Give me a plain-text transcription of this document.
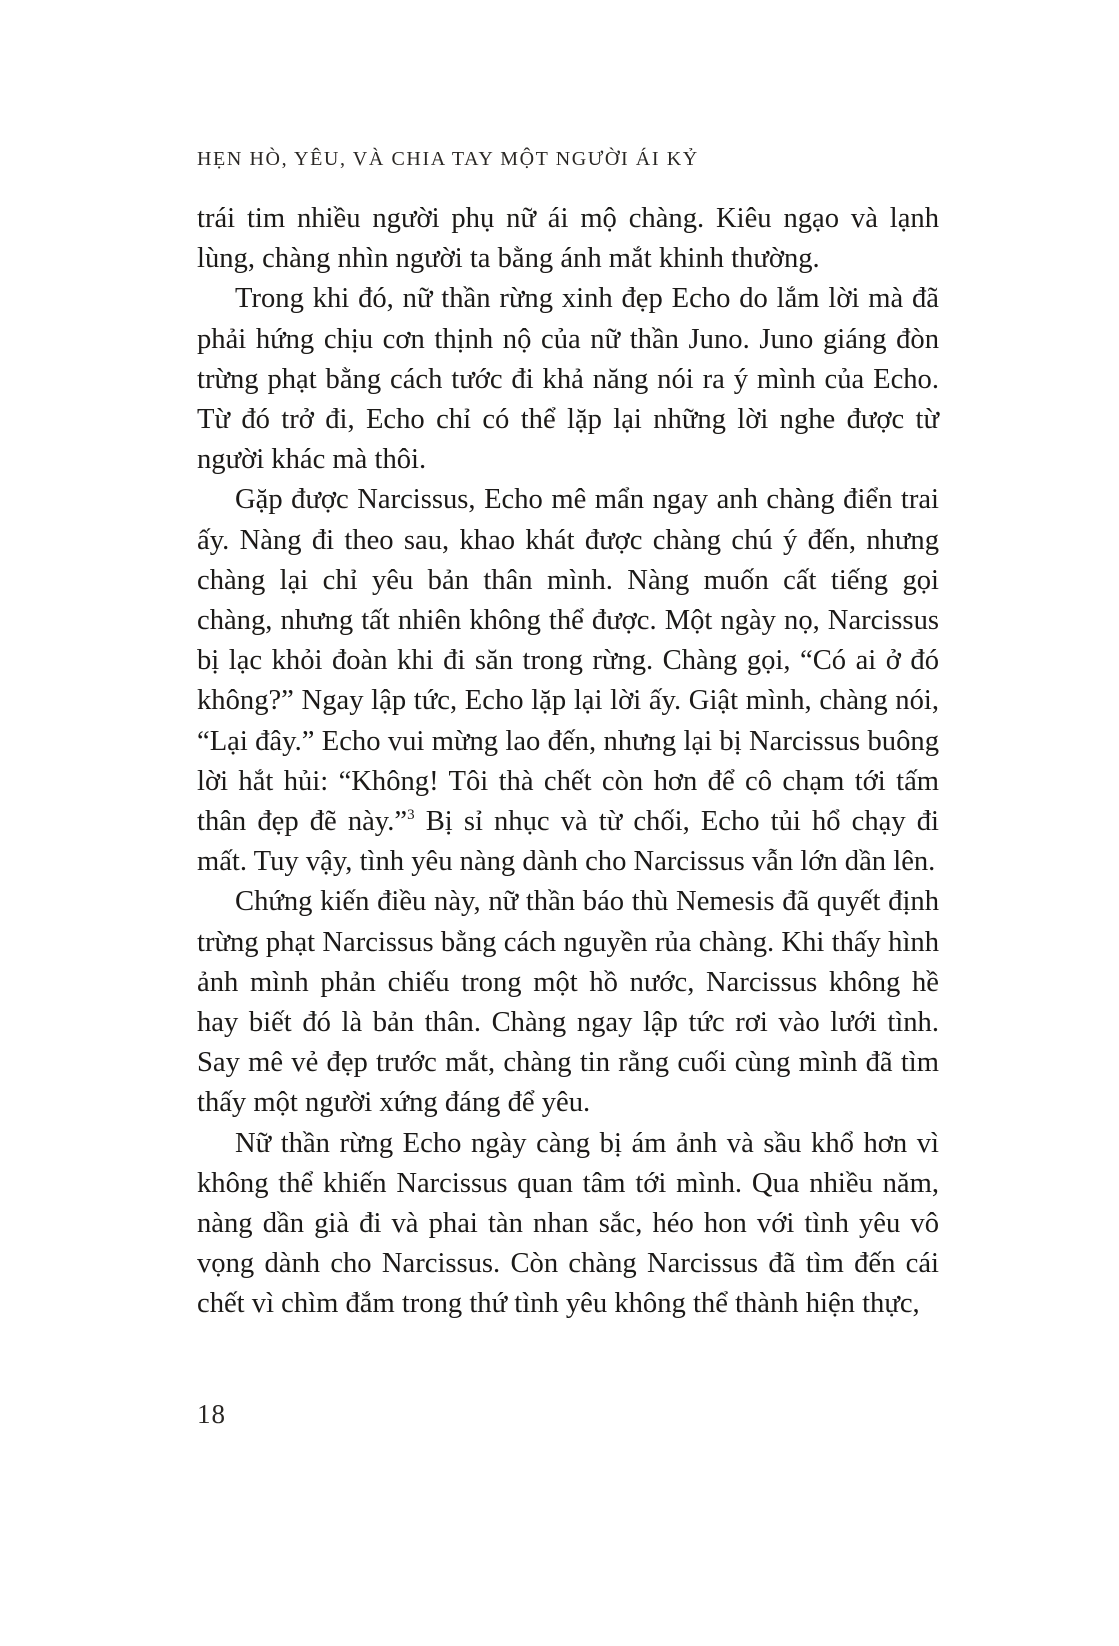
HẸN HÒ, YÊU, VÀ CHIA TAY MỘT NGƯỜI ÁI KỶ

trái tim nhiều người phụ nữ ái mộ chàng. Kiêu ngạo và lạnh lùng, chàng nhìn người ta bằng ánh mắt khinh thường.

Trong khi đó, nữ thần rừng xinh đẹp Echo do lắm lời mà đã phải hứng chịu cơn thịnh nộ của nữ thần Juno. Juno giáng đòn trừng phạt bằng cách tước đi khả năng nói ra ý mình của Echo. Từ đó trở đi, Echo chỉ có thể lặp lại những lời nghe được từ người khác mà thôi.

Gặp được Narcissus, Echo mê mẩn ngay anh chàng điển trai ấy. Nàng đi theo sau, khao khát được chàng chú ý đến, nhưng chàng lại chỉ yêu bản thân mình. Nàng muốn cất tiếng gọi chàng, nhưng tất nhiên không thể được. Một ngày nọ, Narcissus bị lạc khỏi đoàn khi đi săn trong rừng. Chàng gọi, “Có ai ở đó không?” Ngay lập tức, Echo lặp lại lời ấy. Giật mình, chàng nói, “Lại đây.” Echo vui mừng lao đến, nhưng lại bị Narcissus buông lời hắt hủi: “Không! Tôi thà chết còn hơn để cô chạm tới tấm thân đẹp đẽ này.”$^3$ Bị sỉ nhục và từ chối, Echo tủi hổ chạy đi mất. Tuy vậy, tình yêu nàng dành cho Narcissus vẫn lớn dần lên.

Chứng kiến điều này, nữ thần báo thù Nemesis đã quyết định trừng phạt Narcissus bằng cách nguyền rủa chàng. Khi thấy hình ảnh mình phản chiếu trong một hồ nước, Narcissus không hề hay biết đó là bản thân. Chàng ngay lập tức rơi vào lưới tình. Say mê vẻ đẹp trước mắt, chàng tin rằng cuối cùng mình đã tìm thấy một người xứng đáng để yêu.

Nữ thần rừng Echo ngày càng bị ám ảnh và sầu khổ hơn vì không thể khiến Narcissus quan tâm tới mình. Qua nhiều năm, nàng dần già đi và phai tàn nhan sắc, héo hon với tình yêu vô vọng dành cho Narcissus. Còn chàng Narcissus đã tìm đến cái chết vì chìm đắm trong thứ tình yêu không thể thành hiện thực,

18
